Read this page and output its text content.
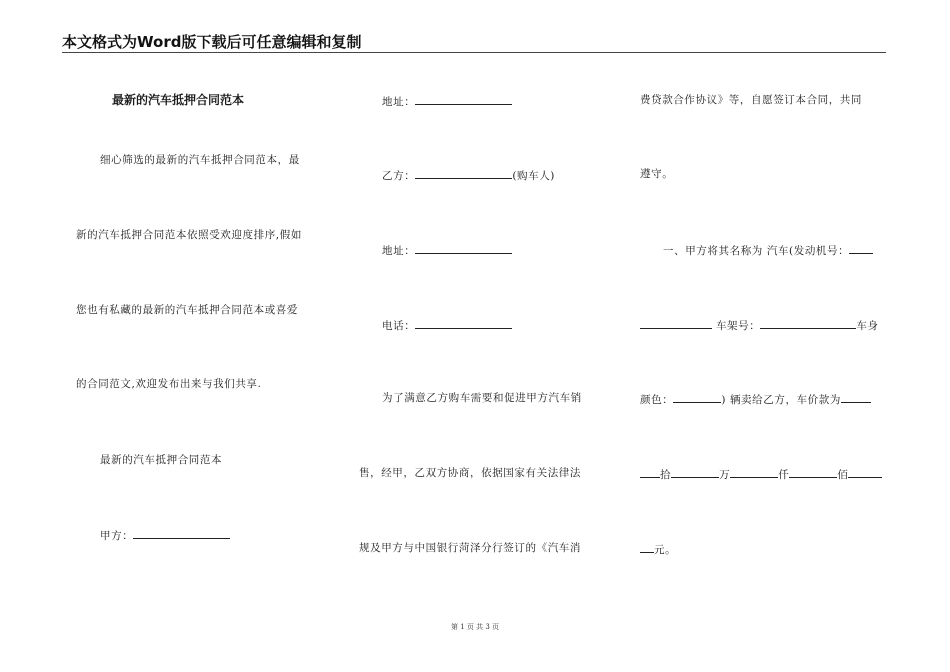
本文格式为Word版下载后可任意编辑和复制
最新的汽车抵押合同范本
细心筛选的最新的汽车抵押合同范本，最
新的汽车抵押合同范本依照受欢迎度排序,假如
您也有私藏的最新的汽车抵押合同范本或喜爱
的合同范文,欢迎发布出来与我们共享.
最新的汽车抵押合同范本
甲方：
地址：
乙方：	(购车人)
地址：
电话：
为了满意乙方购车需要和促进甲方汽车销
售，经甲，乙双方协商，依据国家有关法律法
规及甲方与中国银行菏泽分行签订的《汽车消
费贷款合作协议》等，自愿签订本合同，共同
遵守。
一、甲方将其名称为 汽车(发动机号：
车架号：	车身
颜色：	) 辆卖给乙方，车价款为
拾	万	仟	佰
元。
第 1 页 共 3 页
